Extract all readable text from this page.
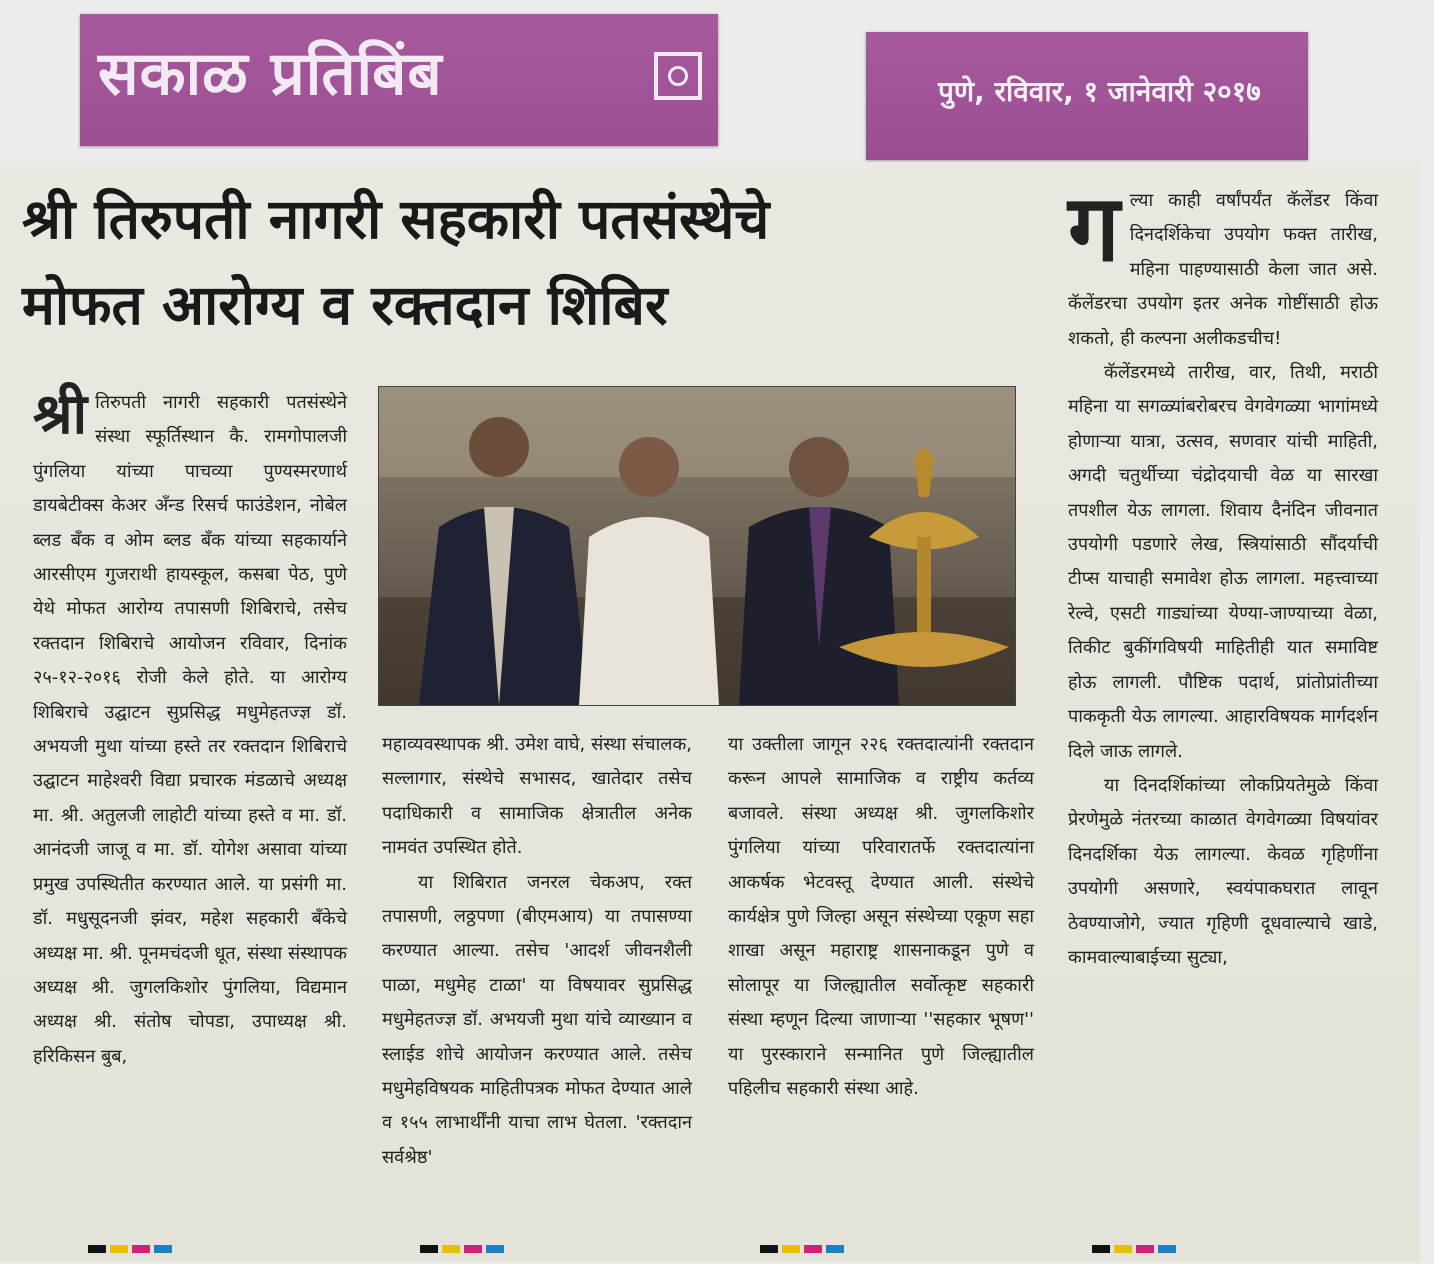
सकाळ प्रतिबिंब	पुणे, रविवार, १ जानेवारी २०१७
श्री तिरुपती नागरी सहकारी पतसंस्थेचे
मोफत आरोग्य व रक्तदान शिबिर
श्री तिरुपती नागरी सहकारी पतसंस्थेने संस्था स्फूर्तिस्थान कै. रामगोपालजी पुंगलिया यांच्या पाचव्या पुण्यस्मरणार्थ डायबेटीक्स केअर अँन्ड रिसर्च फाउंडेशन, नोबेल ब्लड बँक व ओम ब्लड बँक यांच्या सहकार्याने आरसीएम गुजराथी हायस्कूल, कसबा पेठ, पुणे येथे मोफत आरोग्य तपासणी शिबिराचे, तसेच रक्तदान शिबिराचे आयोजन रविवार, दिनांक २५-१२-२०१६ रोजी केले होते. या आरोग्य शिबिराचे उद्घाटन सुप्रसिद्ध मधुमेहतज्ज्ञ डॉ. अभयजी मुथा यांच्या हस्ते तर रक्तदान शिबिराचे उद्घाटन माहेश्वरी विद्या प्रचारक मंडळाचे अध्यक्ष मा. श्री. अतुलजी लाहोटी यांच्या हस्ते व मा. डॉ. आनंदजी जाजू व मा. डॉ. योगेश असावा यांच्या प्रमुख उपस्थितीत करण्यात आले. या प्रसंगी मा. डॉ. मधुसूदनजी झंवर, महेश सहकारी बँकेचे अध्यक्ष मा. श्री. पूनमचंदजी धूत, संस्था संस्थापक अध्यक्ष श्री. जुगलकिशोर पुंगलिया, विद्यमान अध्यक्ष श्री. संतोष चोपडा, उपाध्यक्ष श्री. हरिकिसन बुब,

महाव्यवस्थापक श्री. उमेश वाघे, संस्था संचालक, सल्लागार, संस्थेचे सभासद, खातेदार तसेच पदाधिकारी व सामाजिक क्षेत्रातील अनेक नामवंत उपस्थित होते.

या शिबिरात जनरल चेकअप, रक्त तपासणी, लठ्ठपणा (बीएमआय) या तपासण्या करण्यात आल्या. तसेच 'आदर्श जीवनशैली पाळा, मधुमेह टाळा' या विषयावर सुप्रसिद्ध मधुमेहतज्ज्ञ डॉ. अभयजी मुथा यांचे व्याख्यान व स्लाईड शोचे आयोजन करण्यात आले. तसेच मधुमेहविषयक माहितीपत्रक मोफत देण्यात आले व १५५ लाभार्थींनी याचा लाभ घेतला. 'रक्तदान सर्वश्रेष्ठ'

या उक्तीला जागून २२६ रक्तदात्यांनी रक्तदान करून आपले सामाजिक व राष्ट्रीय कर्तव्य बजावले. संस्था अध्यक्ष श्री. जुगलकिशोर पुंगलिया यांच्या परिवारातर्फे रक्तदात्यांना आकर्षक भेटवस्तू देण्यात आली. संस्थेचे कार्यक्षेत्र पुणे जिल्हा असून संस्थेच्या एकूण सहा शाखा असून महाराष्ट्र शासनाकडून पुणे व सोलापूर या जिल्ह्यातील सर्वोत्कृष्ट सहकारी संस्था म्हणून दिल्या जाणाऱ्या ''सहकार भूषण'' या पुरस्काराने सन्मानित पुणे जिल्ह्यातील पहिलीच सहकारी संस्था आहे.

ग ल्या काही वर्षांपर्यंत कॅलेंडर किंवा दिनदर्शिकेचा उपयोग फक्त तारीख, महिना पाहण्यासाठी केला जात असे. कॅलेंडरचा उपयोग इतर अनेक गोष्टींसाठी होऊ शकतो, ही कल्पना अलीकडचीच!

कॅलेंडरमध्ये तारीख, वार, तिथी, मराठी महिना या सगळ्यांबरोबरच वेगवेगळ्या भागांमध्ये होणाऱ्या यात्रा, उत्सव, सणवार यांची माहिती, अगदी चतुर्थीच्या चंद्रोदयाची वेळ या सारखा तपशील येऊ लागला. शिवाय दैनंदिन जीवनात उपयोगी पडणारे लेख, स्त्रियांसाठी सौंदर्याची टीप्स याचाही समावेश होऊ लागला. महत्त्वाच्या रेल्वे, एसटी गाड्यांच्या येण्या-जाण्याच्या वेळा, तिकीट बुकींगविषयी माहितीही यात समाविष्ट होऊ लागली. पौष्टिक पदार्थ, प्रांतोप्रांतीच्या पाककृती येऊ लागल्या. आहारविषयक मार्गदर्शन दिले जाऊ लागले.

या दिनदर्शिकांच्या लोकप्रियतेमुळे किंवा प्रेरणेमुळे नंतरच्या काळात वेगवेगळ्या विषयांवर दिनदर्शिका येऊ लागल्या. केवळ गृहिणींना उपयोगी असणारे, स्वयंपाकघरात लावून ठेवण्याजोगे, ज्यात गृहिणी दूधवाल्याचे खाडे, कामवाल्याबाईच्या सुट्या,
